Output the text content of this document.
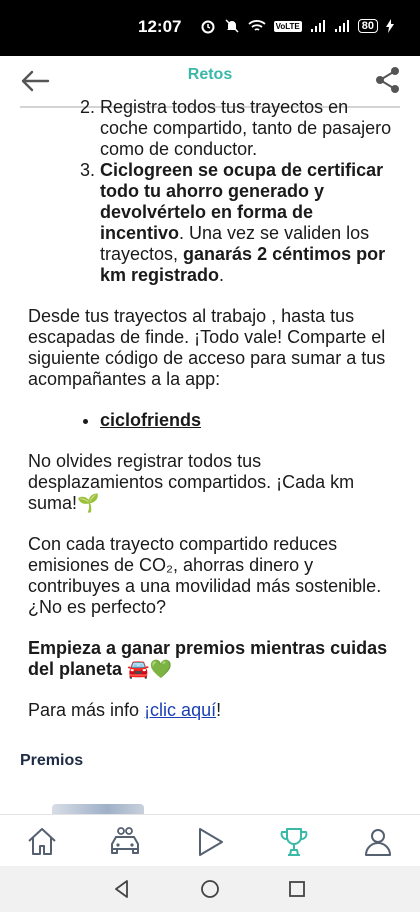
12:07	VoLTE	80
Retos
2. Registra todos tus trayectos en coche compartido, tanto de pasajero como de conductor.
3. Ciclogreen se ocupa de certificar todo tu ahorro generado y devolvértelo en forma de incentivo. Una vez se validen los trayectos, ganarás 2 céntimos por km registrado.

Desde tus trayectos al trabajo , hasta tus escapadas de finde. ¡Todo vale! Comparte el siguiente código de acceso para sumar a tus acompañantes a la app:

• ciclofriends

No olvides registrar todos tus desplazamientos compartidos. ¡Cada km suma!🌱

Con cada trayecto compartido reduces emisiones de CO₂, ahorras dinero y contribuyes a una movilidad más sostenible. ¿No es perfecto?

Empieza a ganar premios mientras cuidas del planeta 🚘💚

Para más info ¡clic aquí!

Premios
